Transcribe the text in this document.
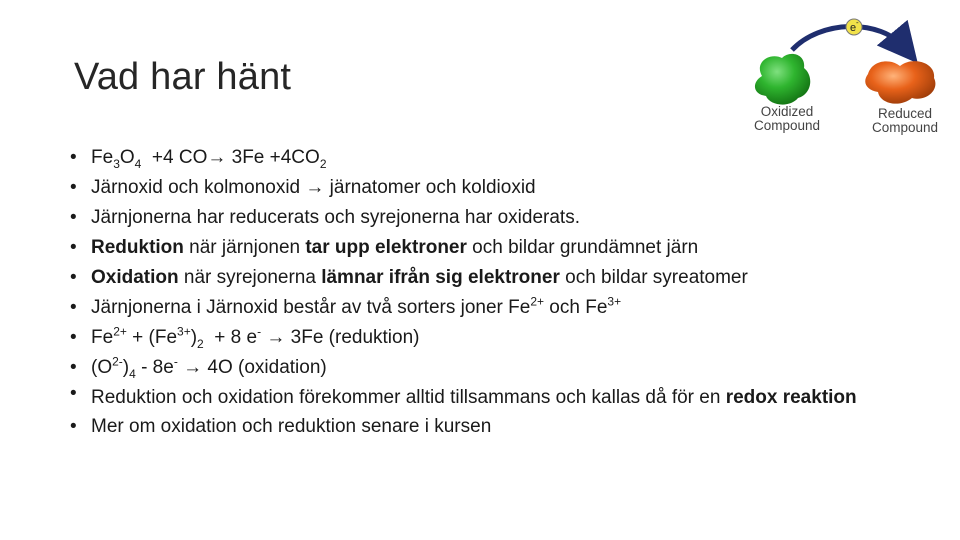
Vad har hänt
e -
Oxidized
Compound
Reduced
Compound
• $Fe_3O_4 +4$ $CO\to 3Fe +4CO_2$
• Järnoxid och kolmonoxid → järnatomer och koldioxid
• Järnjonerna har reducerats och syrejonerna har oxiderats.
• Reduktion när järnjonen tar upp elektroner och bildar grundämnet järn
• Oxidation när syrejonerna lämnar ifrån sig elektroner och bildar syreatomer
• Järnjonerna i Järnoxid består av två sorters joner $Fe^{2+}$ och $Fe^{3+}$
• $Fe^{2+} + (Fe^{3+})_2 + 8$ e- → 3Fe (reduktion)
• $(O^{2-})_4 - 8e^- \to 4O$ (oxidation)
• Reduktion och oxidation förekommer alltid tillsammans och kallas då för en redox reaktion
• Mer om oxidation och reduktion senare i kursen
